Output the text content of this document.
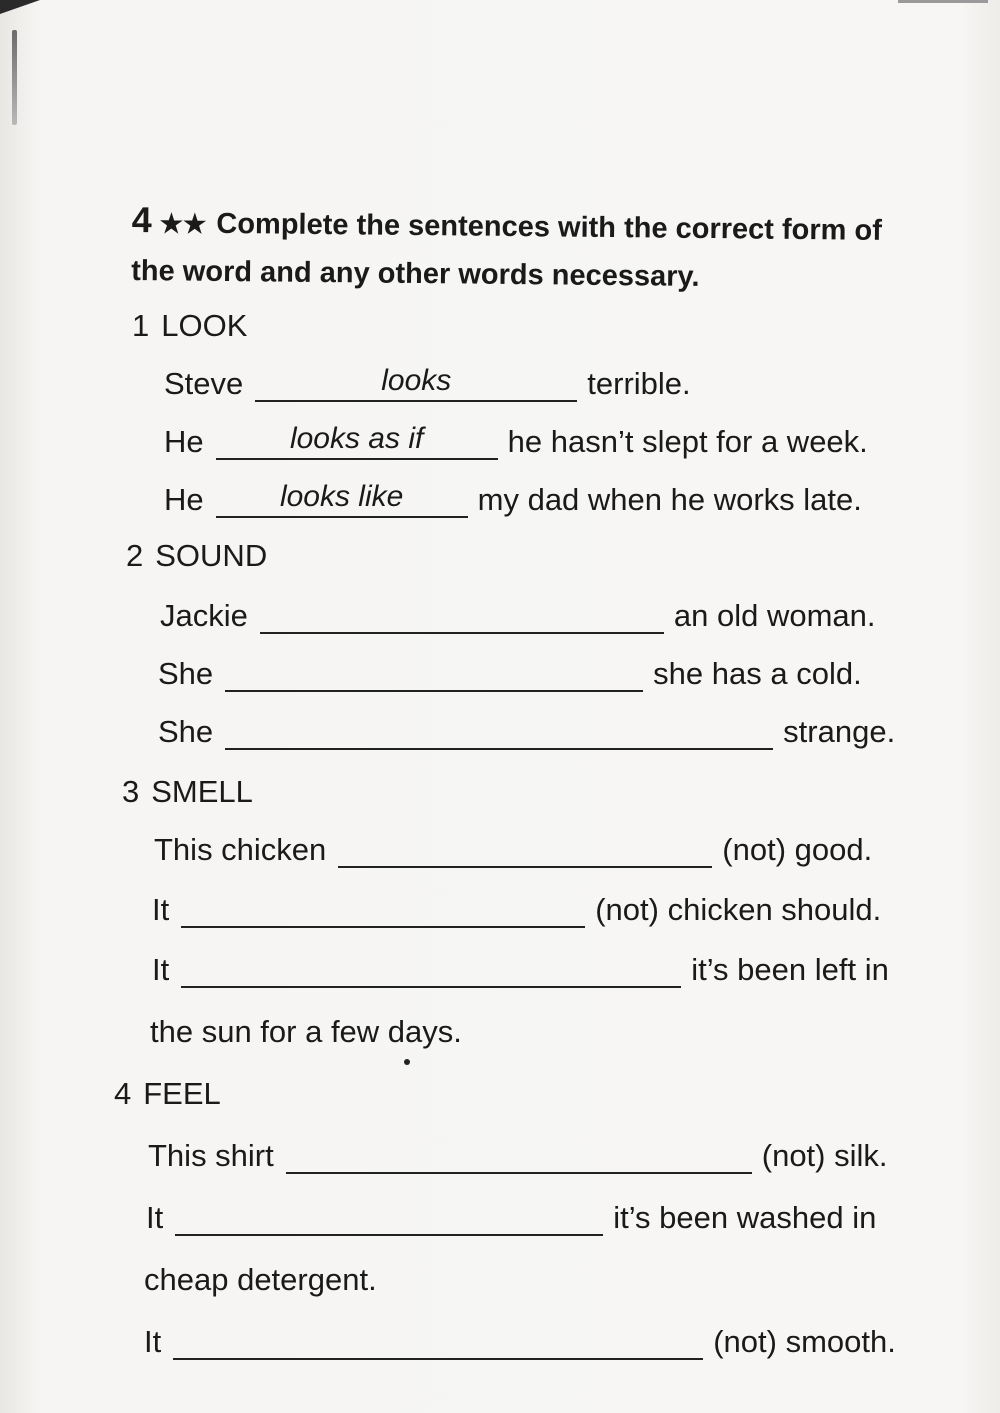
4 ★★ Complete the sentences with the correct form of the word and any other words necessary.
1 LOOK
Steve	looks	terrible.
He	looks as if	he hasn’t slept for a week.
He	looks like	my dad when he works late.
2 SOUND
Jackie	an old woman.
She	she has a cold.
She	strange.
3 SMELL
This chicken	(not) good.
It	(not) chicken should.
It	it’s been left in
the sun for a few days.
4 FEEL
This shirt	(not) silk.
It	it’s been washed in
cheap detergent.
It	(not) smooth.
